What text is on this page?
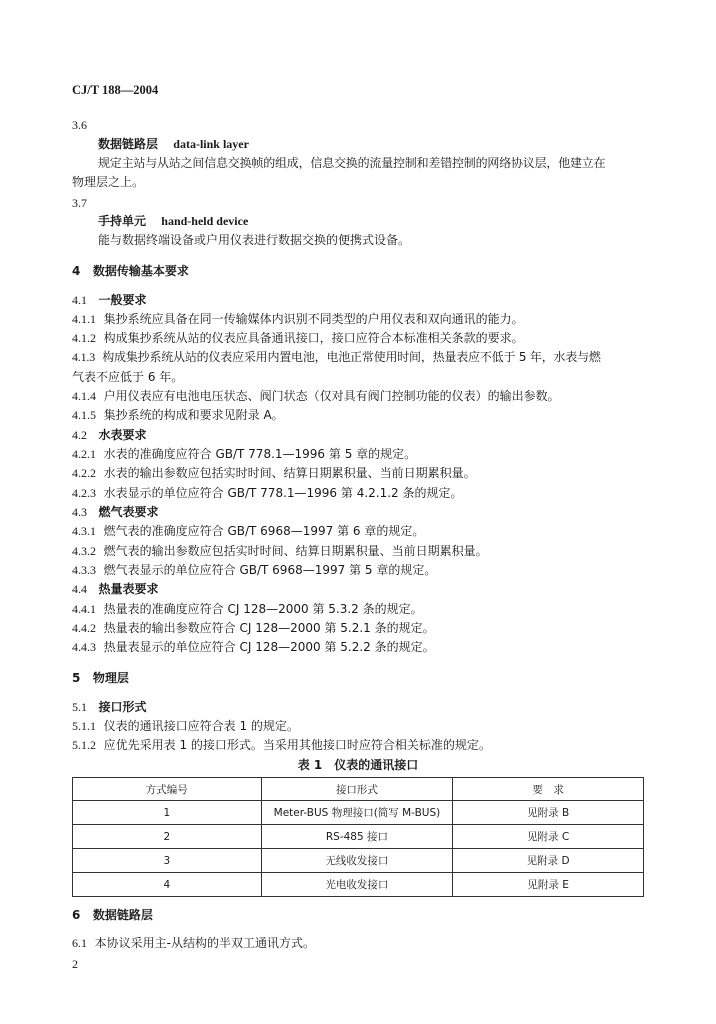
CJ/T 188—2004
3.6
数据链路层 data-link layer
规定主站与从站之间信息交换帧的组成，信息交换的流量控制和差错控制的网络协议层，他建立在
物理层之上。
3.7
手持单元 hand-held device
能与数据终端设备或户用仪表进行数据交换的便携式设备。
4 数据传输基本要求
4.1 一般要求
4.1.1 集抄系统应具备在同一传输媒体内识别不同类型的户用仪表和双向通讯的能力。
4.1.2 构成集抄系统从站的仪表应具备通讯接口，接口应符合本标准相关条款的要求。
4.1.3 构成集抄系统从站的仪表应采用内置电池，电池正常使用时间，热量表应不低于 5 年，水表与燃
气表不应低于 6 年。
4.1.4 户用仪表应有电池电压状态、阀门状态（仅对具有阀门控制功能的仪表）的输出参数。
4.1.5 集抄系统的构成和要求见附录 A。
4.2 水表要求
4.2.1 水表的准确度应符合 GB/T 778.1—1996 第 5 章的规定。
4.2.2 水表的输出参数应包括实时时间、结算日期累积量、当前日期累积量。
4.2.3 水表显示的单位应符合 GB/T 778.1—1996 第 4.2.1.2 条的规定。
4.3 燃气表要求
4.3.1 燃气表的准确度应符合 GB/T 6968—1997 第 6 章的规定。
4.3.2 燃气表的输出参数应包括实时时间、结算日期累积量、当前日期累积量。
4.3.3 燃气表显示的单位应符合 GB/T 6968—1997 第 5 章的规定。
4.4 热量表要求
4.4.1 热量表的准确度应符合 CJ 128—2000 第 5.3.2 条的规定。
4.4.2 热量表的输出参数应符合 CJ 128—2000 第 5.2.1 条的规定。
4.4.3 热量表显示的单位应符合 CJ 128—2000 第 5.2.2 条的规定。
5 物理层
5.1 接口形式
5.1.1 仪表的通讯接口应符合表 1 的规定。
5.1.2 应优先采用表 1 的接口形式。当采用其他接口时应符合相关标准的规定。
表 1　仪表的通讯接口
方式编号	接口形式	要　求
1	Meter-BUS 物理接口(简写 M-BUS)	见附录 B
2	RS-485 接口	见附录 C
3	无线收发接口	见附录 D
4	光电收发接口	见附录 E
6 数据链路层
6.1 本协议采用主-从结构的半双工通讯方式。
2
